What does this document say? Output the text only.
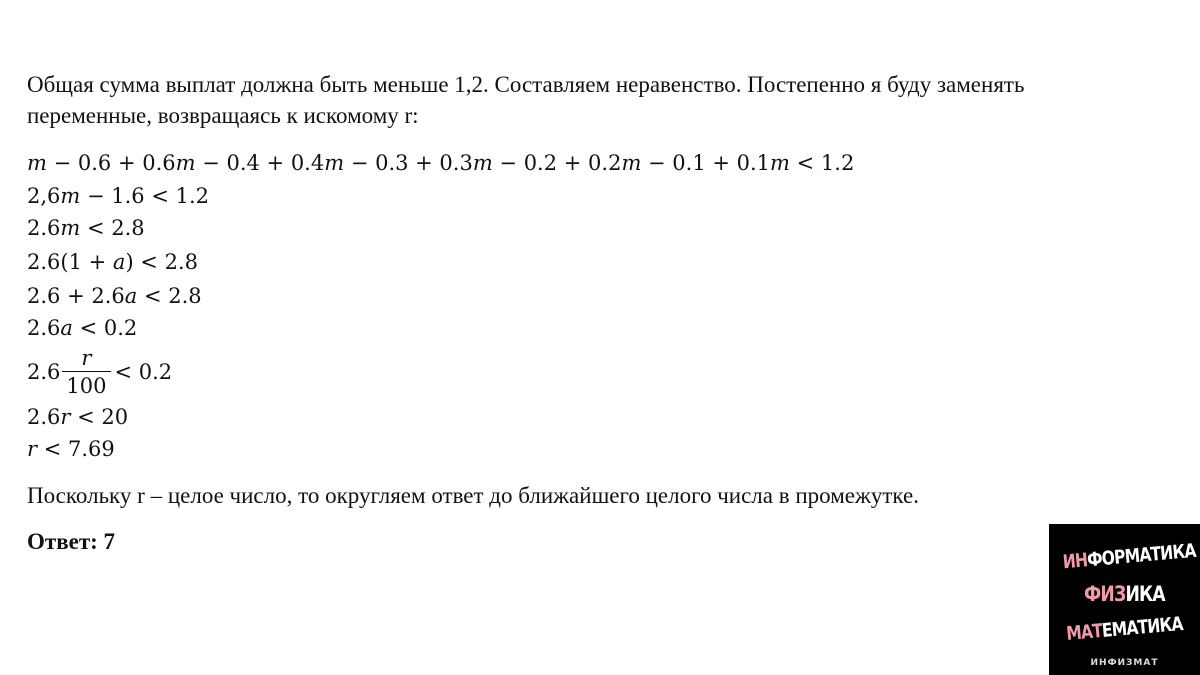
Общая сумма выплат должна быть меньше 1,2. Составляем неравенство. Постепенно я буду заменять
переменные, возвращаясь к искомому r:
m − 0.6 + 0.6m − 0.4 + 0.4m − 0.3 + 0.3m − 0.2 + 0.2m − 0.1 + 0.1m < 1.2
2,6m − 1.6 < 1.2
2.6m < 2.8
2.6(1 + a) < 2.8
2.6 + 2.6a < 2.8
2.6a < 0.2
$2.6 \frac{r}{100} < 0.2$
2.6r < 20
r < 7.69
Поскольку r – целое число, то округляем ответ до ближайшего целого числа в промежутке.
Ответ: 7
ИНФОРМАТИКА
ФИЗИКА
МАТЕМАТИКА
ИНФИЗМАТ
